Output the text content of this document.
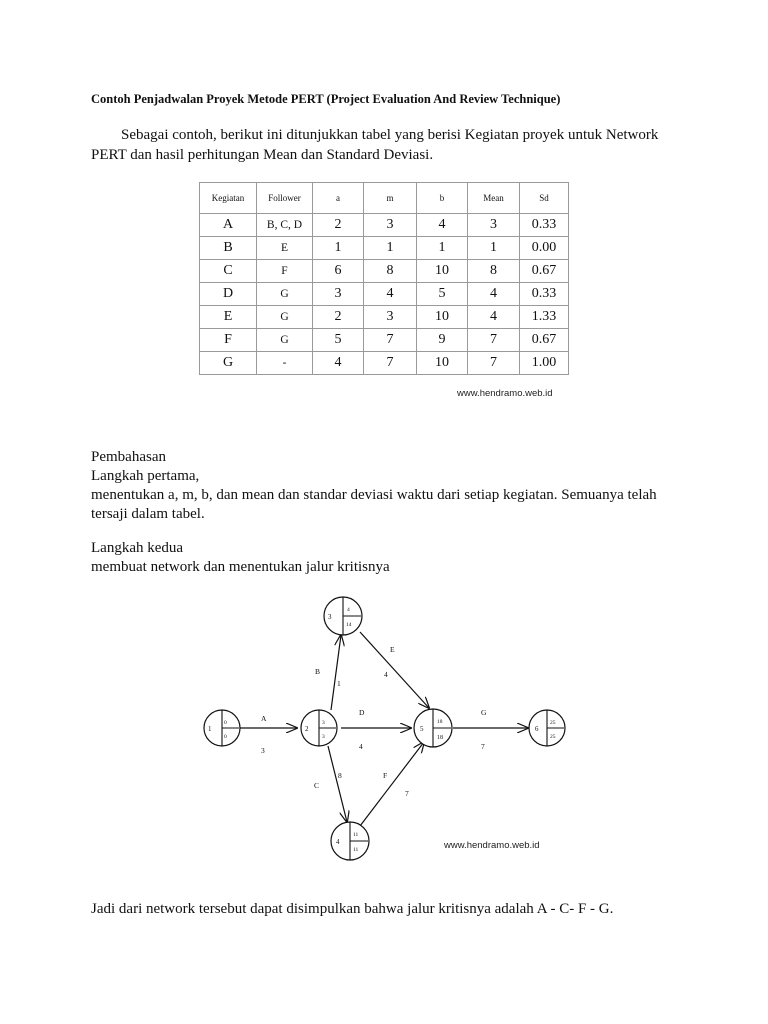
Contoh Penjadwalan Proyek Metode PERT (Project Evaluation And Review Technique)
Sebagai contoh, berikut ini ditunjukkan tabel yang berisi Kegiatan proyek untuk Network
PERT dan hasil perhitungan Mean dan Standard Deviasi.
Kegiatan	Follower	a	m	b	Mean	Sd
A	B, C, D	2	3	4	3	0.33
B	E	1	1	1	1	0.00
C	F	6	8	10	8	0.67
D	G	3	4	5	4	0.33
E	G	2	3	10	4	1.33
F	G	5	7	9	7	0.67
G	-	4	7	10	7	1.00
www.hendramo.web.id
Pembahasan
Langkah pertama,
menentukan a, m, b, dan mean dan standar deviasi waktu dari setiap kegiatan. Semuanya telah
tersaji dalam tabel.
Langkah kedua
membuat network dan menentukan jalur kritisnya
A
3
B
1
C
8
D
4
E
4
F
7
G
7
1
0
0
2
3
3
3
4
14
4
11
11
5
18
18
6
25
25
www.hendramo.web.id
Jadi dari network tersebut dapat disimpulkan bahwa jalur kritisnya adalah A - C- F - G.
